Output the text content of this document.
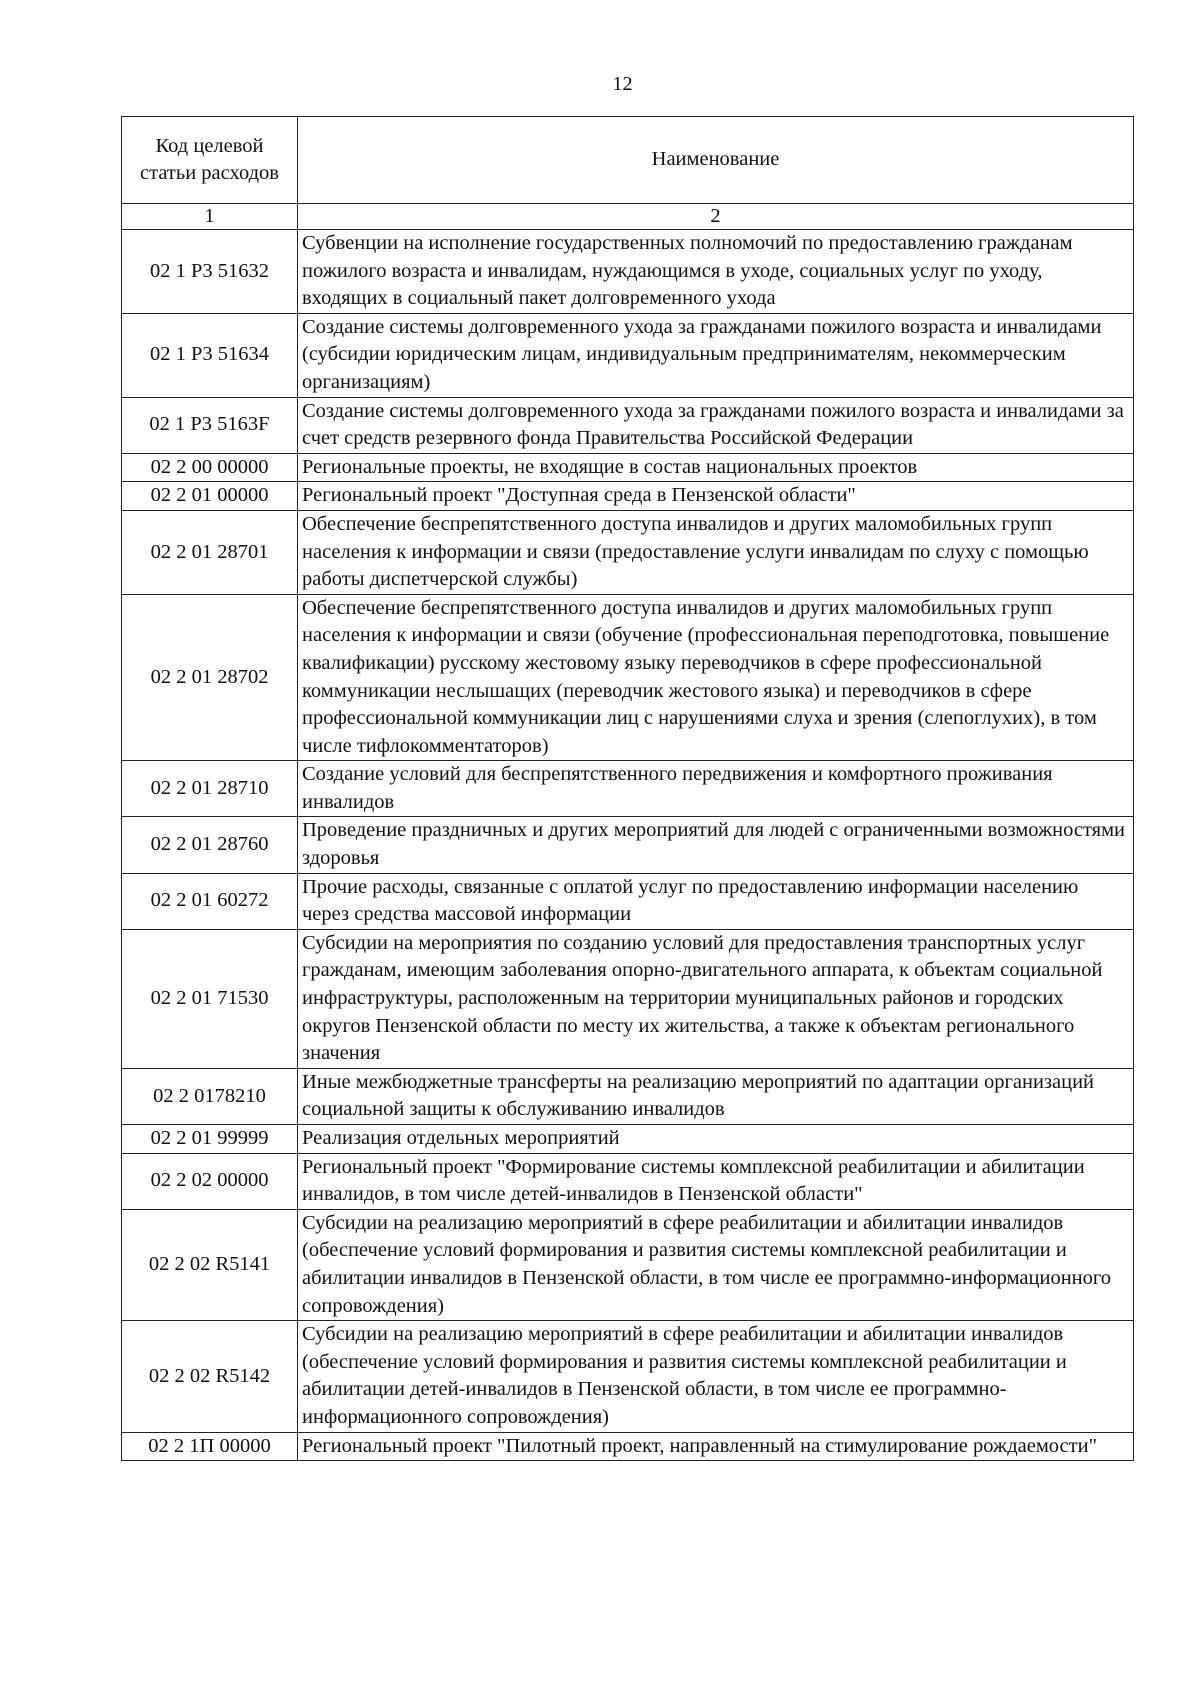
12
Код целевой статьи расходов	Наименование
1	2
02 1 Р3 51632	Субвенции на исполнение государственных полномочий по предоставлению гражданам пожилого возраста и инвалидам, нуждающимся в уходе, социальных услуг по уходу, входящих в социальный пакет долговременного ухода
02 1 Р3 51634	Создание системы долговременного ухода за гражданами пожилого возраста и инвалидами (субсидии юридическим лицам, индивидуальным предпринимателям, некоммерческим организациям)
02 1 Р3 5163F	Создание системы долговременного ухода за гражданами пожилого возраста и инвалидами за счет средств резервного фонда Правительства Российской Федерации
02 2 00 00000	Региональные проекты, не входящие в состав национальных проектов
02 2 01 00000	Региональный проект "Доступная среда в Пензенской области"
02 2 01 28701	Обеспечение беспрепятственного доступа инвалидов и других маломобильных групп населения к информации и связи (предоставление услуги инвалидам по слуху с помощью работы диспетчерской службы)
02 2 01 28702	Обеспечение беспрепятственного доступа инвалидов и других маломобильных групп населения к информации и связи (обучение (профессиональная переподготовка, повышение квалификации) русскому жестовому языку переводчиков в сфере профессиональной коммуникации неслышащих (переводчик жестового языка) и переводчиков в сфере профессиональной коммуникации лиц с нарушениями слуха и зрения (слепоглухих), в том числе тифлокомментаторов)
02 2 01 28710	Создание условий для беспрепятственного передвижения и комфортного проживания инвалидов
02 2 01 28760	Проведение праздничных и других мероприятий для людей с ограниченными возможностями здоровья
02 2 01 60272	Прочие расходы, связанные с оплатой услуг по предоставлению информации населению через средства массовой информации
02 2 01 71530	Субсидии на мероприятия по созданию условий для предоставления транспортных услуг гражданам, имеющим заболевания опорно-двигательного аппарата, к объектам социальной инфраструктуры, расположенным на территории муниципальных районов и городских округов Пензенской области по месту их жительства, а также к объектам регионального значения
02 2 0178210	Иные межбюджетные трансферты на реализацию мероприятий по адаптации организаций социальной защиты к обслуживанию инвалидов
02 2 01 99999	Реализация отдельных мероприятий
02 2 02 00000	Региональный проект "Формирование системы комплексной реабилитации и абилитации инвалидов, в том числе детей-инвалидов в Пензенской области"
02 2 02 R5141	Субсидии на реализацию мероприятий в сфере реабилитации и абилитации инвалидов (обеспечение условий формирования и развития системы комплексной реабилитации и абилитации инвалидов в Пензенской области, в том числе ее программно-информационного сопровождения)
02 2 02 R5142	Субсидии на реализацию мероприятий в сфере реабилитации и абилитации инвалидов (обеспечение условий формирования и развития системы комплексной реабилитации и абилитации детей-инвалидов в Пензенской области, в том числе ее программно-информационного сопровождения)
02 2 1П 00000	Региональный проект "Пилотный проект, направленный на стимулирование рождаемости"
